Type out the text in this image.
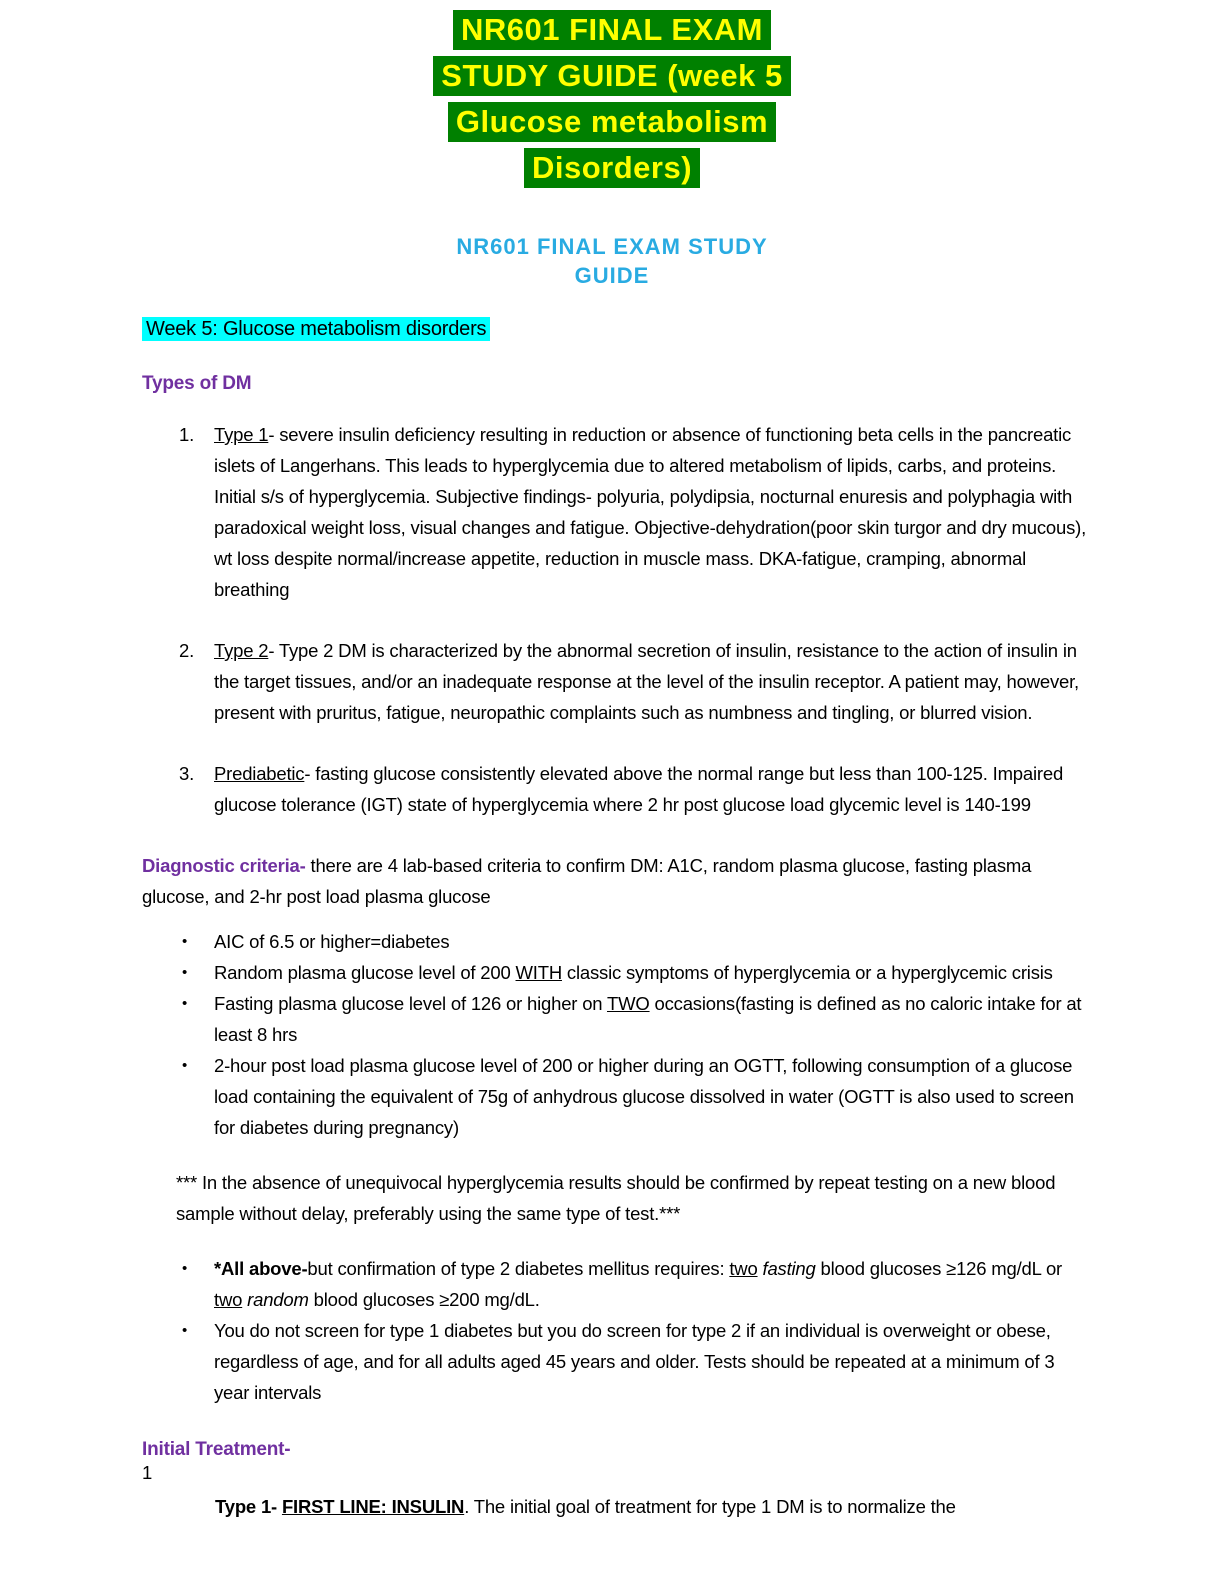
NR601 FINAL EXAM
STUDY GUIDE (week 5
Glucose metabolism
Disorders)
NR601 FINAL EXAM STUDY
GUIDE
Week 5: Glucose metabolism disorders
Types of DM
1.	Type 1- severe insulin deficiency resulting in reduction or absence of functioning beta cells in the pancreatic islets of Langerhans. This leads to hyperglycemia due to altered metabolism of lipids, carbs, and proteins. Initial s/s of hyperglycemia. Subjective findings- polyuria, polydipsia, nocturnal enuresis and polyphagia with paradoxical weight loss, visual changes and fatigue. Objective-dehydration(poor skin turgor and dry mucous), wt loss despite normal/increase appetite, reduction in muscle mass. DKA-fatigue, cramping, abnormal breathing
2.	Type 2- Type 2 DM is characterized by the abnormal secretion of insulin, resistance to the action of insulin in the target tissues, and/or an inadequate response at the level of the insulin receptor. A patient may, however, present with pruritus, fatigue, neuropathic complaints such as numbness and tingling, or blurred vision.
3.	Prediabetic- fasting glucose consistently elevated above the normal range but less than 100-125. Impaired glucose tolerance (IGT) state of hyperglycemia where 2 hr post glucose load glycemic level is 140-199
Diagnostic criteria- there are 4 lab-based criteria to confirm DM: A1C, random plasma glucose, fasting plasma glucose, and 2-hr post load plasma glucose
•	AIC of 6.5 or higher=diabetes
•	Random plasma glucose level of 200 WITH classic symptoms of hyperglycemia or a hyperglycemic crisis
•	Fasting plasma glucose level of 126 or higher on TWO occasions(fasting is defined as no caloric intake for at least 8 hrs
•	2-hour post load plasma glucose level of 200 or higher during an OGTT, following consumption of a glucose load containing the equivalent of 75g of anhydrous glucose dissolved in water (OGTT is also used to screen for diabetes during pregnancy)
*** In the absence of unequivocal hyperglycemia results should be confirmed by repeat testing on a new blood sample without delay, preferably using the same type of test.***
•	*All above-but confirmation of type 2 diabetes mellitus requires: two fasting blood glucoses ≥126 mg/dL or two random blood glucoses ≥200 mg/dL.
•	You do not screen for type 1 diabetes but you do screen for type 2 if an individual is overweight or obese, regardless of age, and for all adults aged 45 years and older. Tests should be repeated at a minimum of 3 year intervals
Initial Treatment-
Type 1- FIRST LINE: INSULIN. The initial goal of treatment for type 1 DM is to normalize the
1
